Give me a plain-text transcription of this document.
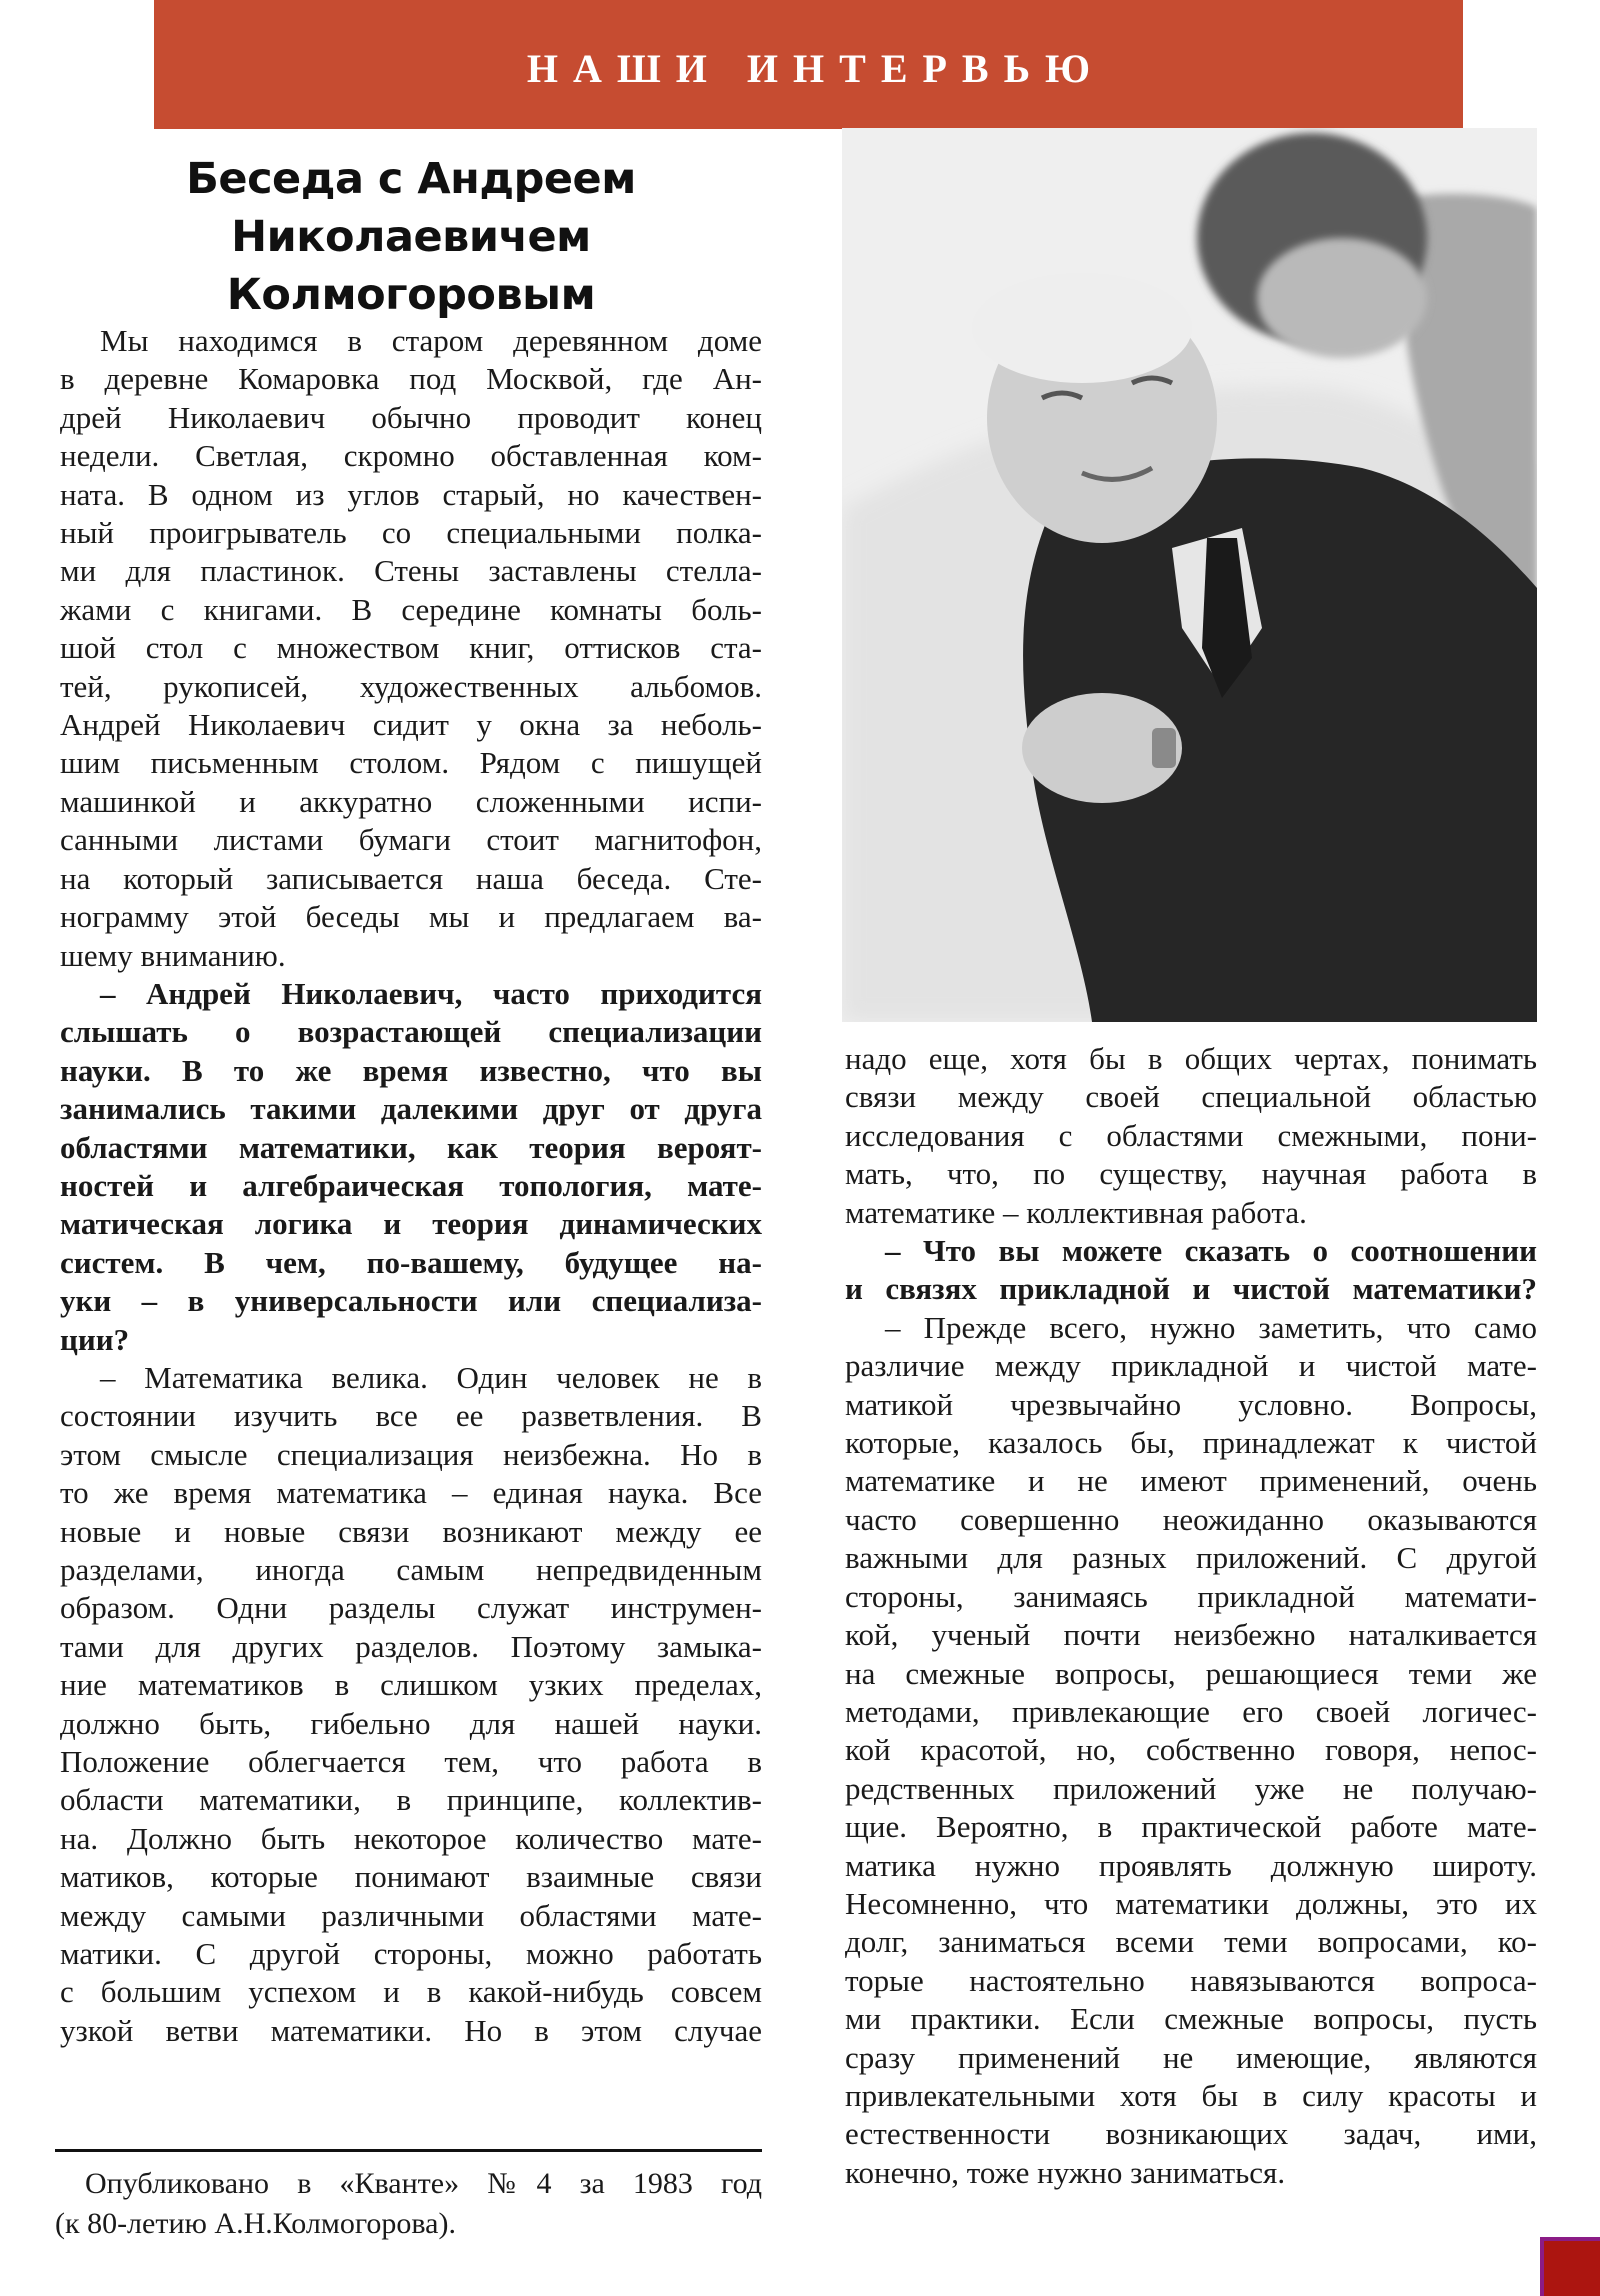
НАШИ ИНТЕРВЬЮ
Беседа с Андреем
Николаевичем
Колмогоровым

Мы находимся в старом деревянном доме
в деревне Комаровка под Москвой, где Ан-
дрей Николаевич обычно проводит конец
недели. Светлая, скромно обставленная ком-
ната. В одном из углов старый, но качествен-
ный проигрыватель со специальными полка-
ми для пластинок. Стены заставлены стелла-
жами с книгами. В середине комнаты боль-
шой стол с множеством книг, оттисков ста-
тей, рукописей, художественных альбомов.
Андрей Николаевич сидит у окна за неболь-
шим письменным столом. Рядом с пишущей
машинкой и аккуратно сложенными испи-
санными листами бумаги стоит магнитофон,
на который записывается наша беседа. Сте-
нограмму этой беседы мы и предлагаем ва-
шему вниманию.

– Андрей Николаевич, часто приходится
слышать о возрастающей специализации
науки. В то же время известно, что вы
занимались такими далекими друг от друга
областями математики, как теория вероят-
ностей и алгебраическая топология, мате-
матическая логика и теория динамических
систем. В чем, по-вашему, будущее на-
уки – в универсальности или специализа-
ции?

– Математика велика. Один человек не в
состоянии изучить все ее разветвления. В
этом смысле специализация неизбежна. Но в
то же время математика – единая наука. Все
новые и новые связи возникают между ее
разделами, иногда самым непредвиденным
образом. Одни разделы служат инструмен-
тами для других разделов. Поэтому замыка-
ние математиков в слишком узких пределах,
должно быть, гибельно для нашей науки.
Положение облегчается тем, что работа в
области математики, в принципе, коллектив-
на. Должно быть некоторое количество мате-
матиков, которые понимают взаимные связи
между самыми различными областями мате-
матики. С другой стороны, можно работать
с большим успехом и в какой-нибудь совсем
узкой ветви математики. Но в этом случае

надо еще, хотя бы в общих чертах, понимать
связи между своей специальной областью
исследования с областями смежными, пони-
мать, что, по существу, научная работа в
математике – коллективная работа.

– Что вы можете сказать о соотношении
и связях прикладной и чистой математики?

– Прежде всего, нужно заметить, что само
различие между прикладной и чистой мате-
матикой чрезвычайно условно. Вопросы,
которые, казалось бы, принадлежат к чистой
математике и не имеют применений, очень
часто совершенно неожиданно оказываются
важными для разных приложений. С другой
стороны, занимаясь прикладной математи-
кой, ученый почти неизбежно наталкивается
на смежные вопросы, решающиеся теми же
методами, привлекающие его своей логичес-
кой красотой, но, собственно говоря, непос-
редственных приложений уже не получаю-
щие. Вероятно, в практической работе мате-
матика нужно проявлять должную широту.
Несомненно, что математики должны, это их
долг, заниматься всеми теми вопросами, ко-
торые настоятельно навязываются вопроса-
ми практики. Если смежные вопросы, пусть
сразу применений не имеющие, являются
привлекательными хотя бы в силу красоты и
естественности возникающих задач, ими,
конечно, тоже нужно заниматься.

Опубликовано в «Кванте» №4 за 1983 год
(к 80-летию А.Н.Колмогорова).
